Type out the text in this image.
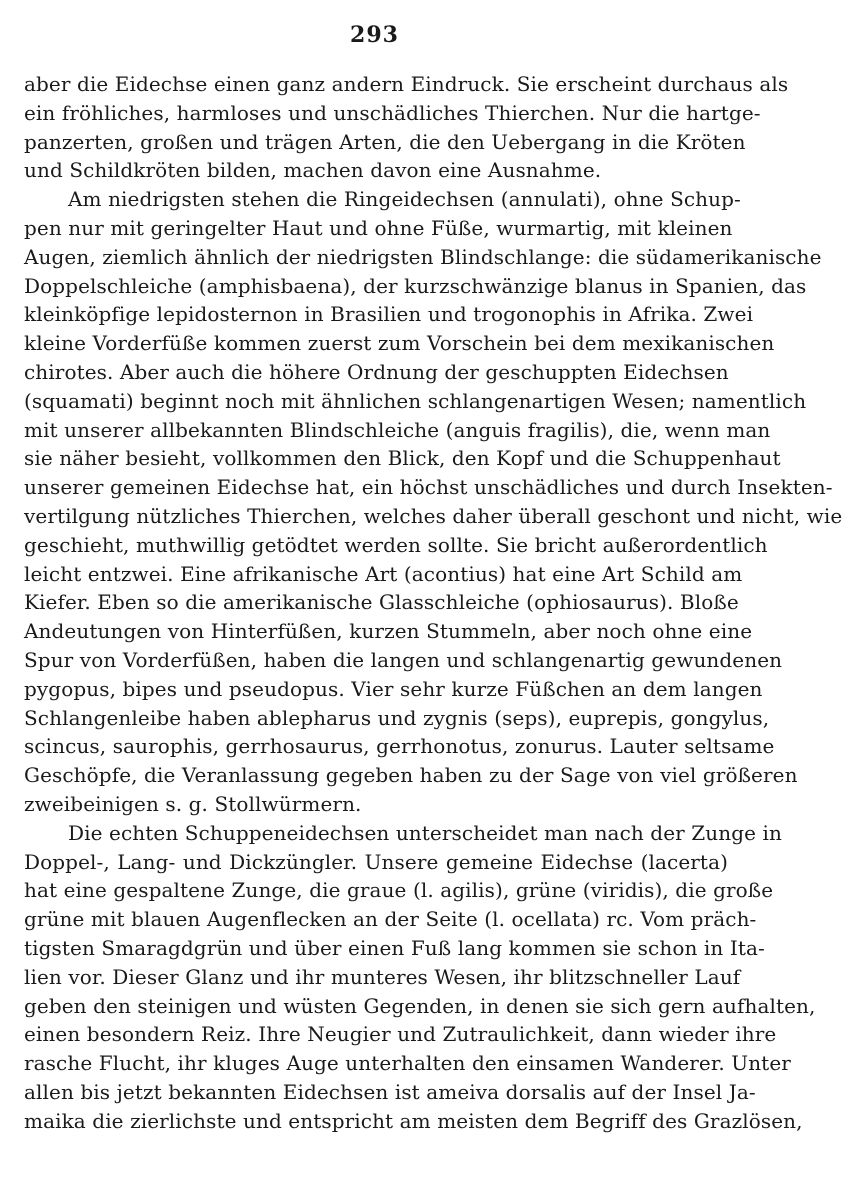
293
aber die Eidechse einen ganz andern Eindruck. Sie erscheint durchaus als
ein fröhliches, harmloses und unschädliches Thierchen. Nur die hartge-
panzerten, großen und trägen Arten, die den Uebergang in die Kröten
und Schildkröten bilden, machen davon eine Ausnahme.
Am niedrigsten stehen die Ringeidechsen (annulati), ohne Schup-
pen nur mit geringelter Haut und ohne Füße, wurmartig, mit kleinen
Augen, ziemlich ähnlich der niedrigsten Blindschlange: die südamerikanische
Doppelschleiche (amphisbaena), der kurzschwänzige blanus in Spanien, das
kleinköpfige lepidosternon in Brasilien und trogonophis in Afrika. Zwei
kleine Vorderfüße kommen zuerst zum Vorschein bei dem mexikanischen
chirotes. Aber auch die höhere Ordnung der geschuppten Eidechsen
(squamati) beginnt noch mit ähnlichen schlangenartigen Wesen; namentlich
mit unserer allbekannten Blindschleiche (anguis fragilis), die, wenn man
sie näher besieht, vollkommen den Blick, den Kopf und die Schuppenhaut
unserer gemeinen Eidechse hat, ein höchst unschädliches und durch Insekten-
vertilgung nützliches Thierchen, welches daher überall geschont und nicht, wie
geschieht, muthwillig getödtet werden sollte. Sie bricht außerordentlich
leicht entzwei. Eine afrikanische Art (acontius) hat eine Art Schild am
Kiefer. Eben so die amerikanische Glasschleiche (ophiosaurus). Bloße
Andeutungen von Hinterfüßen, kurzen Stummeln, aber noch ohne eine
Spur von Vorderfüßen, haben die langen und schlangenartig gewundenen
pygopus, bipes und pseudopus. Vier sehr kurze Füßchen an dem langen
Schlangenleibe haben ablepharus und zygnis (seps), euprepis, gongylus,
scincus, saurophis, gerrhosaurus, gerrhonotus, zonurus. Lauter seltsame
Geschöpfe, die Veranlassung gegeben haben zu der Sage von viel größeren
zweibeinigen s. g. Stollwürmern.
Die echten Schuppeneidechsen unterscheidet man nach der Zunge in
Doppel-, Lang- und Dickzüngler. Unsere gemeine Eidechse (lacerta)
hat eine gespaltene Zunge, die graue (l. agilis), grüne (viridis), die große
grüne mit blauen Augenflecken an der Seite (l. ocellata) rc. Vom präch-
tigsten Smaragdgrün und über einen Fuß lang kommen sie schon in Ita-
lien vor. Dieser Glanz und ihr munteres Wesen, ihr blitzschneller Lauf
geben den steinigen und wüsten Gegenden, in denen sie sich gern aufhalten,
einen besondern Reiz. Ihre Neugier und Zutraulichkeit, dann wieder ihre
rasche Flucht, ihr kluges Auge unterhalten den einsamen Wanderer. Unter
allen bis jetzt bekannten Eidechsen ist ameiva dorsalis auf der Insel Ja-
maika die zierlichste und entspricht am meisten dem Begriff des Grazlösen,
